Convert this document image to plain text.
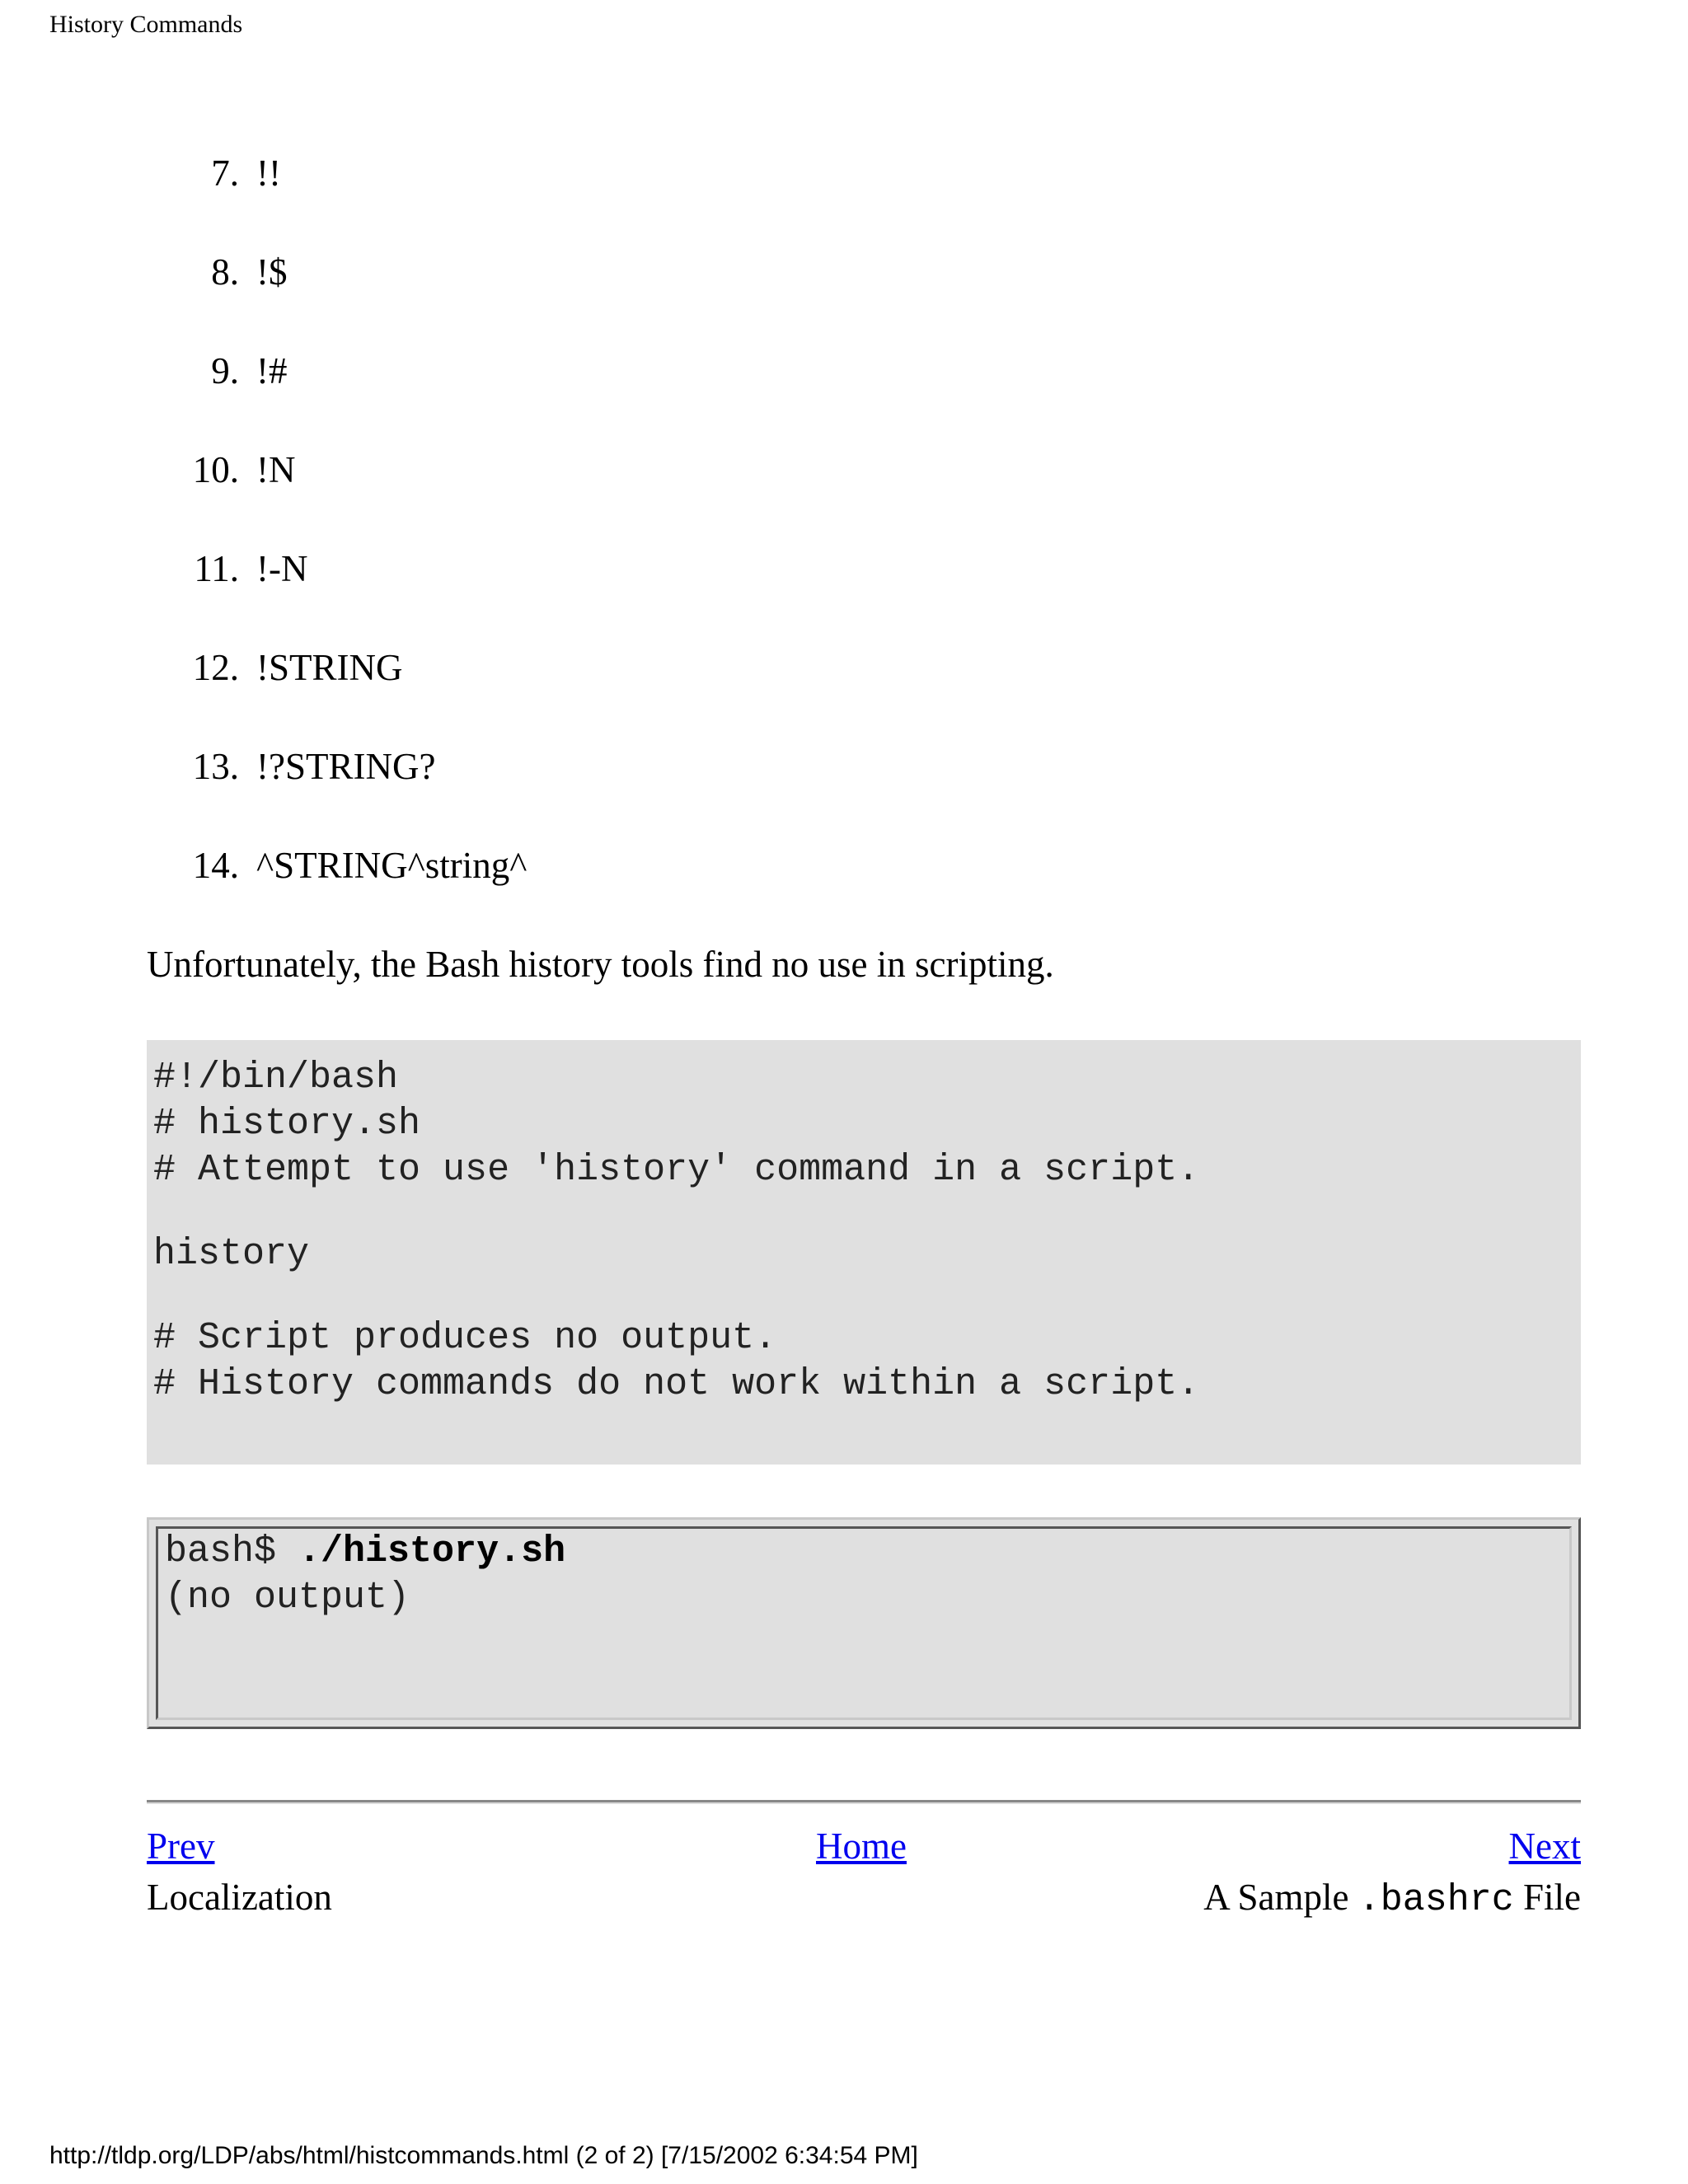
History Commands
7. !!
8. !$
9. !#
10. !N
11. !-N
12. !STRING
13. !?STRING?
14. ^STRING^string^

Unfortunately, the Bash history tools find no use in scripting.

#!/bin/bash
# history.sh
# Attempt to use 'history' command in a script.
history
# Script produces no output.
# History commands do not work within a script.

bash$ ./history.sh
(no output)

Prev	Home	Next
Localization	A Sample .bashrc File
http://tldp.org/LDP/abs/html/histcommands.html (2 of 2) [7/15/2002 6:34:54 PM]
